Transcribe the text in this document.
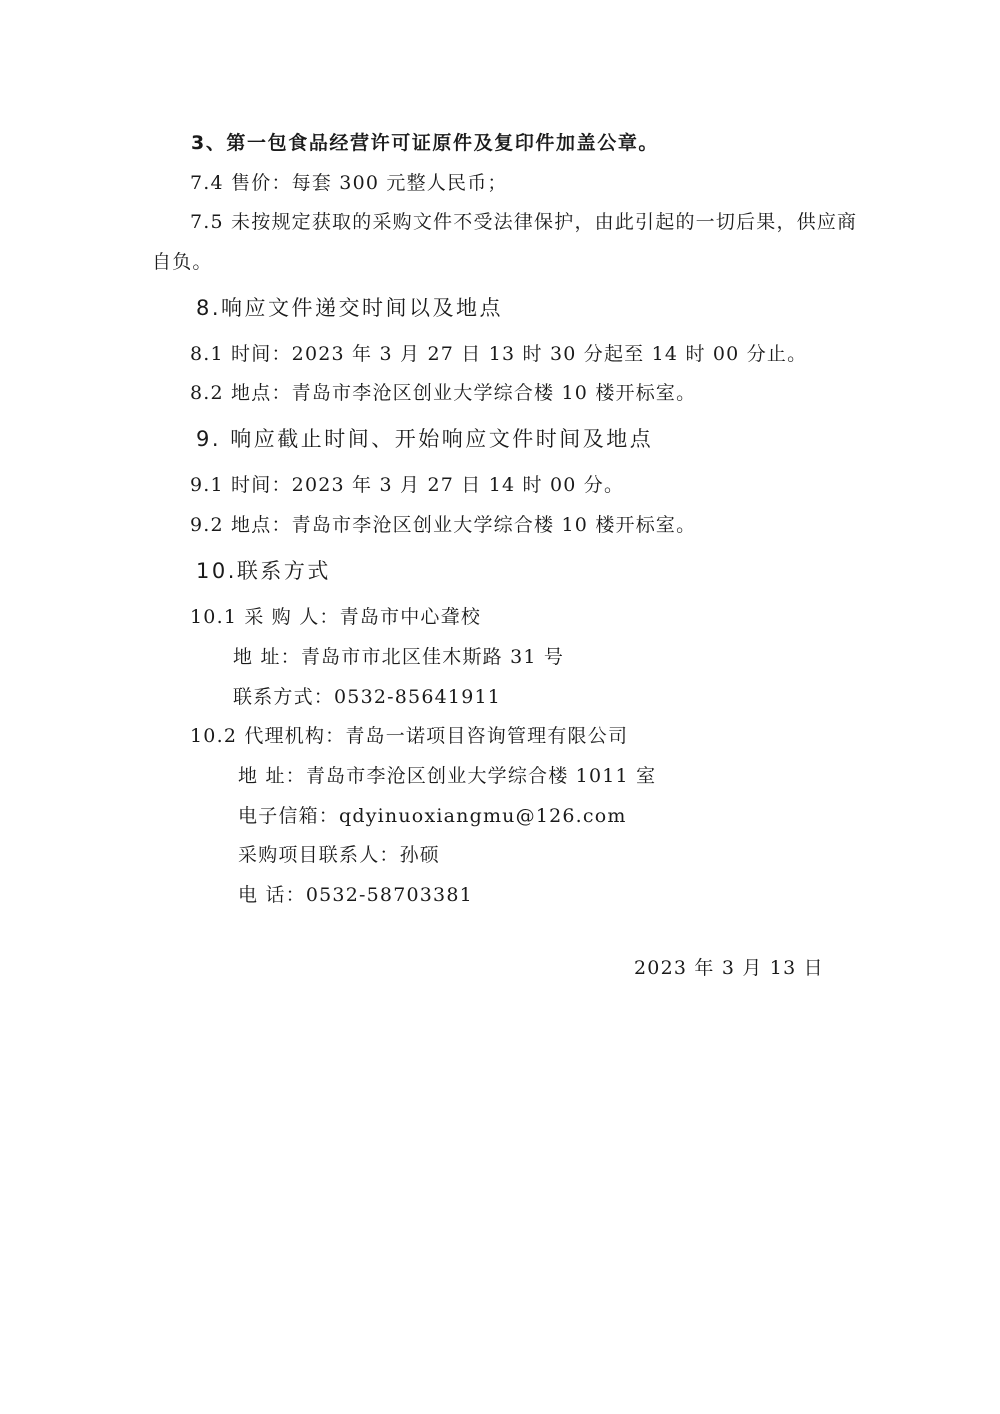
3、第一包食品经营许可证原件及复印件加盖公章。
7.4 售价：每套 300 元整人民币；
7.5 未按规定获取的采购文件不受法律保护，由此引起的一切后果，供应商
自负。
8.响应文件递交时间以及地点
8.1 时间：2023 年 3 月 27 日 13 时 30 分起至 14 时 00 分止。
8.2 地点：青岛市李沧区创业大学综合楼 10 楼开标室。
9. 响应截止时间、开始响应文件时间及地点
9.1 时间：2023 年 3 月 27 日 14 时 00 分。
9.2 地点：青岛市李沧区创业大学综合楼 10 楼开标室。
10.联系方式
10.1 采 购 人：青岛市中心聋校
地 址：青岛市市北区佳木斯路 31 号
联系方式：0532-85641911
10.2 代理机构：青岛一诺项目咨询管理有限公司
地 址：青岛市李沧区创业大学综合楼 1011 室
电子信箱：qdyinuoxiangmu@126.com
采购项目联系人：孙硕
电 话：0532-58703381
2023 年 3 月 13 日
